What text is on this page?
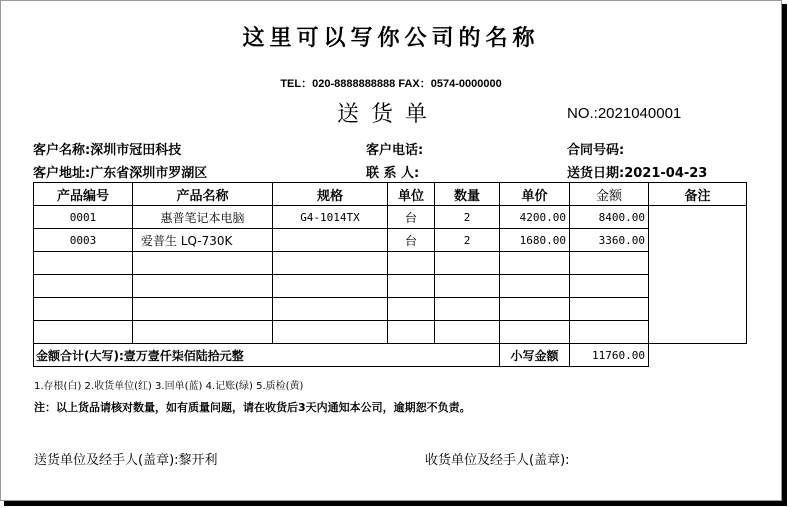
这里可以写你公司的名称
TEL：020-8888888888 FAX：0574-0000000
送货单	NO.:2021040001
客户名称:深圳市冠田科技	客户电话:	合同号码:
客户地址:广东省深圳市罗湖区	联 系 人:	送货日期:2021-04-23
产品编号	产品名称	规格	单位	数量	单价	金额	备注
0001	惠普笔记本电脑	G4-1014TX	台	2	4200.00	8400.00	
0003	爱普生 LQ-730K		台	2	1680.00	3360.00	

金额合计(大写):壹万壹仟柒佰陆拾元整					小写金额	11760.00	
1.存根(白) 2.收货单位(红) 3.回单(蓝) 4.记账(绿) 5.质检(黄)
注：以上货品请核对数量，如有质量问题，请在收货后3天内通知本公司，逾期恕不负责。
送货单位及经手人(盖章):黎开利	收货单位及经手人(盖章):
